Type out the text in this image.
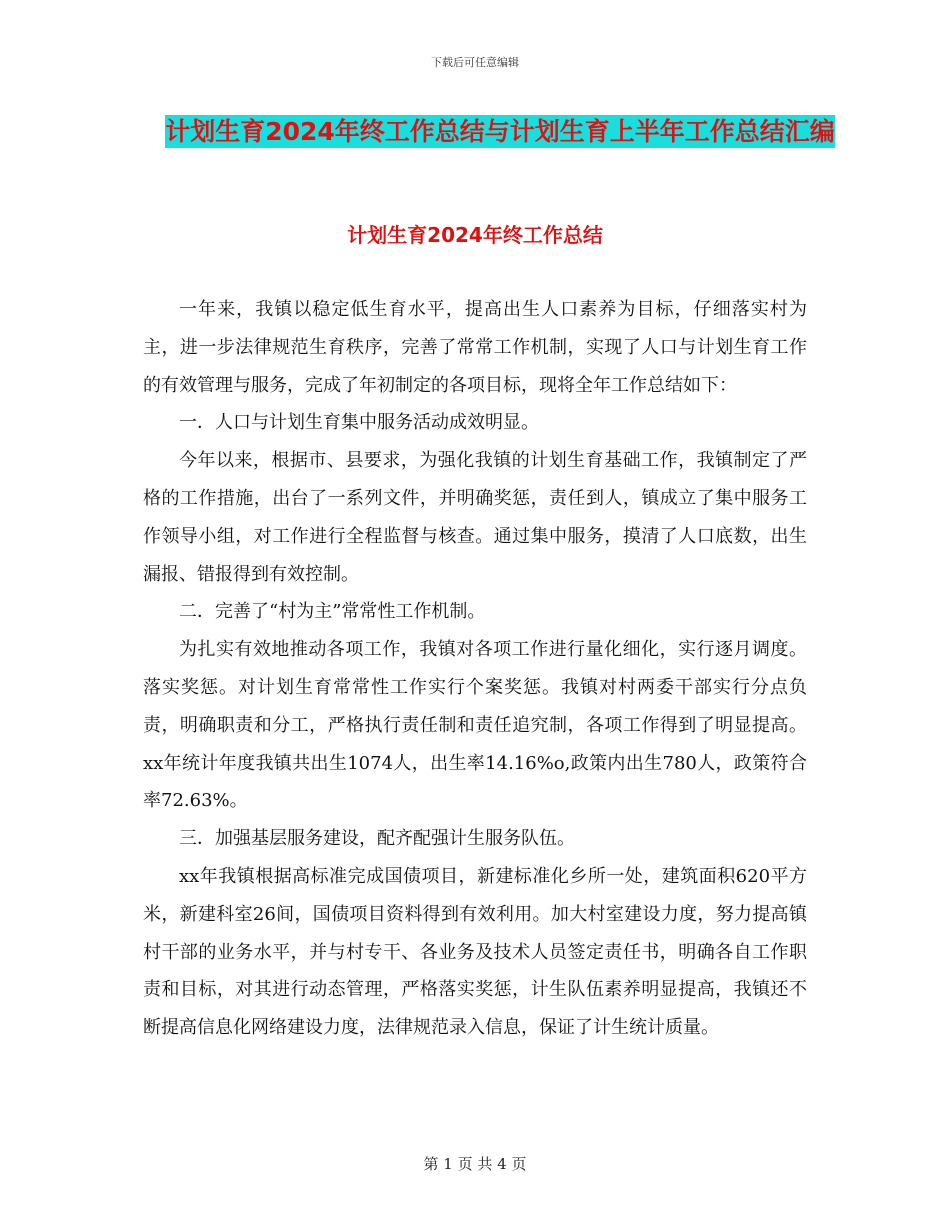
下载后可任意编辑
计划生育2024年终工作总结与计划生育上半年工作总结汇编
计划生育2024年终工作总结

一年来，我镇以稳定低生育水平，提高出生人口素养为目标，仔细落实村为主，进一步法律规范生育秩序，完善了常常工作机制，实现了人口与计划生育工作的有效管理与服务，完成了年初制定的各项目标，现将全年工作总结如下：

一．人口与计划生育集中服务活动成效明显。

今年以来，根据市、县要求，为强化我镇的计划生育基础工作，我镇制定了严格的工作措施，出台了一系列文件，并明确奖惩，责任到人，镇成立了集中服务工作领导小组，对工作进行全程监督与核查。通过集中服务，摸清了人口底数，出生漏报、错报得到有效控制。

二．完善了“村为主”常常性工作机制。

为扎实有效地推动各项工作，我镇对各项工作进行量化细化，实行逐月调度。落实奖惩。对计划生育常常性工作实行个案奖惩。我镇对村两委干部实行分点负责，明确职责和分工，严格执行责任制和责任追究制，各项工作得到了明显提高。xx年统计年度我镇共出生1074人，出生率14.16%o,政策内出生780人，政策符合率72.63%。

三．加强基层服务建设，配齐配强计生服务队伍。

xx年我镇根据高标准完成国债项目，新建标准化乡所一处，建筑面积620平方米，新建科室26间，国债项目资料得到有效利用。加大村室建设力度，努力提高镇村干部的业务水平，并与村专干、各业务及技术人员签定责任书，明确各自工作职责和目标，对其进行动态管理，严格落实奖惩，计生队伍素养明显提高，我镇还不断提高信息化网络建设力度，法律规范录入信息，保证了计生统计质量。

第 1 页 共 4 页
